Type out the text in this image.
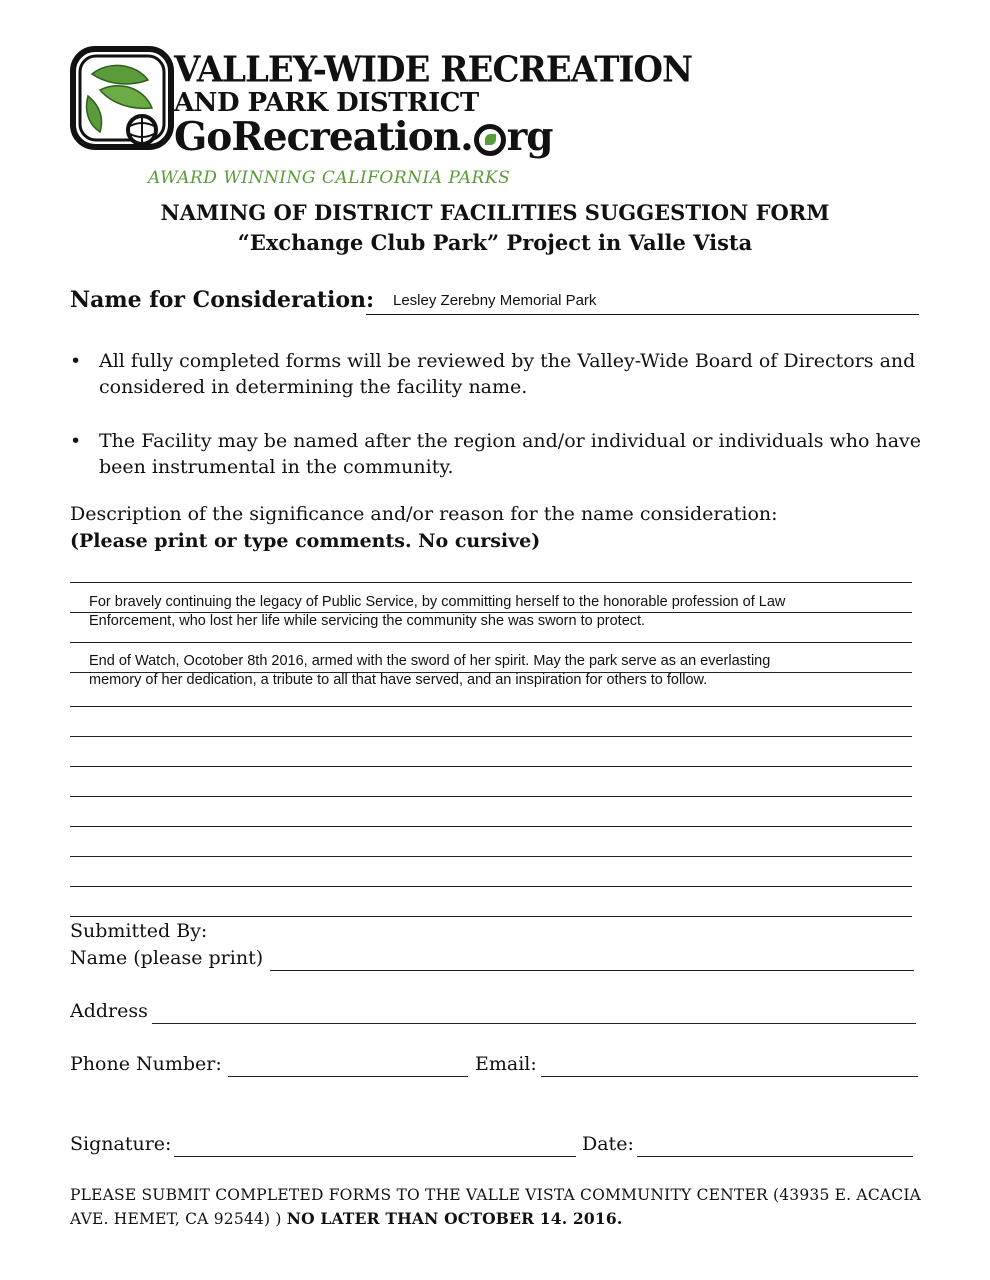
VALLEY-WIDE RECREATION
AND PARK DISTRICT
GoRecreation. rg
AWARD WINNING CALIFORNIA PARKS
NAMING OF DISTRICT FACILITIES SUGGESTION FORM
“Exchange Club Park” Project in Valle Vista
Name for Consideration: Lesley Zerebny Memorial Park
• All fully completed forms will be reviewed by the Valley-Wide Board of Directors and considered in determining the facility name.
• The Facility may be named after the region and/or individual or individuals who have been instrumental in the community.
Description of the significance and/or reason for the name consideration:
(Please print or type comments. No cursive)
For bravely continuing the legacy of Public Service, by committing herself to the honorable profession of Law
Enforcement, who lost her life while servicing the community she was sworn to protect.
End of Watch, Ocotober 8th 2016, armed with the sword of her spirit. May the park serve as an everlasting
memory of her dedication, a tribute to all that have served, and an inspiration for others to follow.
Submitted By:
Name (please print)
Address
Phone Number:	Email:
Signature:	Date:
PLEASE SUBMIT COMPLETED FORMS TO THE VALLE VISTA COMMUNITY CENTER (43935 E. ACACIA AVE. HEMET, CA 92544) ) NO LATER THAN OCTOBER 14. 2016.
